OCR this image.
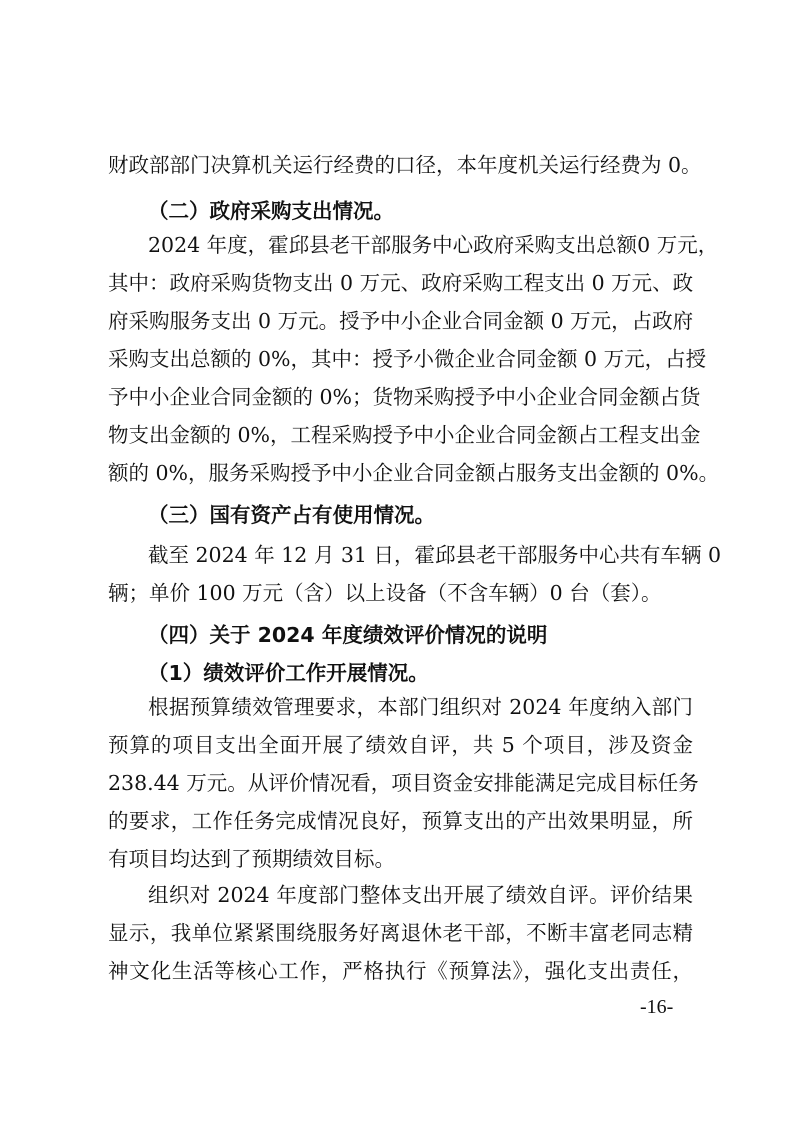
财政部部门决算机关运行经费的口径，本年度机关运行经费为 0。
（二）政府采购支出情况。
2024 年度，霍邱县老干部服务中心政府采购支出总额0 万元，
其中：政府采购货物支出 0 万元、政府采购工程支出 0 万元、政
府采购服务支出 0 万元。授予中小企业合同金额 0 万元，占政府
采购支出总额的 0%，其中：授予小微企业合同金额 0 万元，占授
予中小企业合同金额的 0%；货物采购授予中小企业合同金额占货
物支出金额的 0%，工程采购授予中小企业合同金额占工程支出金
额的 0%，服务采购授予中小企业合同金额占服务支出金额的 0%。
（三）国有资产占有使用情况。
截至 2024 年 12 月 31 日，霍邱县老干部服务中心共有车辆 0
辆；单价 100 万元（含）以上设备（不含车辆）0 台（套）。
（四）关于 2024 年度绩效评价情况的说明
（1）绩效评价工作开展情况。
根据预算绩效管理要求，本部门组织对 2024 年度纳入部门
预算的项目支出全面开展了绩效自评，共 5 个项目，涉及资金
238.44 万元。从评价情况看，项目资金安排能满足完成目标任务
的要求，工作任务完成情况良好，预算支出的产出效果明显，所
有项目均达到了预期绩效目标。
组织对 2024 年度部门整体支出开展了绩效自评。评价结果
显示，我单位紧紧围绕服务好离退休老干部，不断丰富老同志精
神文化生活等核心工作，严格执行《预算法》，强化支出责任，
-16-
